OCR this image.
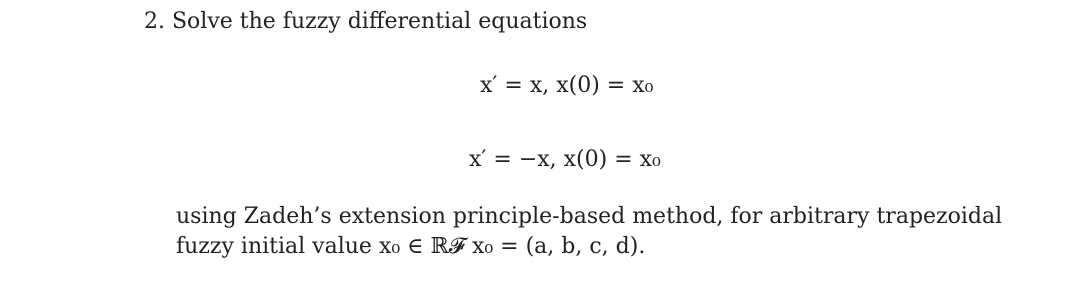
2. Solve the fuzzy differential equations
x′ = x, x(0) = x₀
x′ = −x, x(0) = x₀
using Zadeh’s extension principle-based method, for arbitrary trapezoidal
fuzzy initial value x₀ ∈ ℝ𝓕 x₀ = (a, b, c, d).
